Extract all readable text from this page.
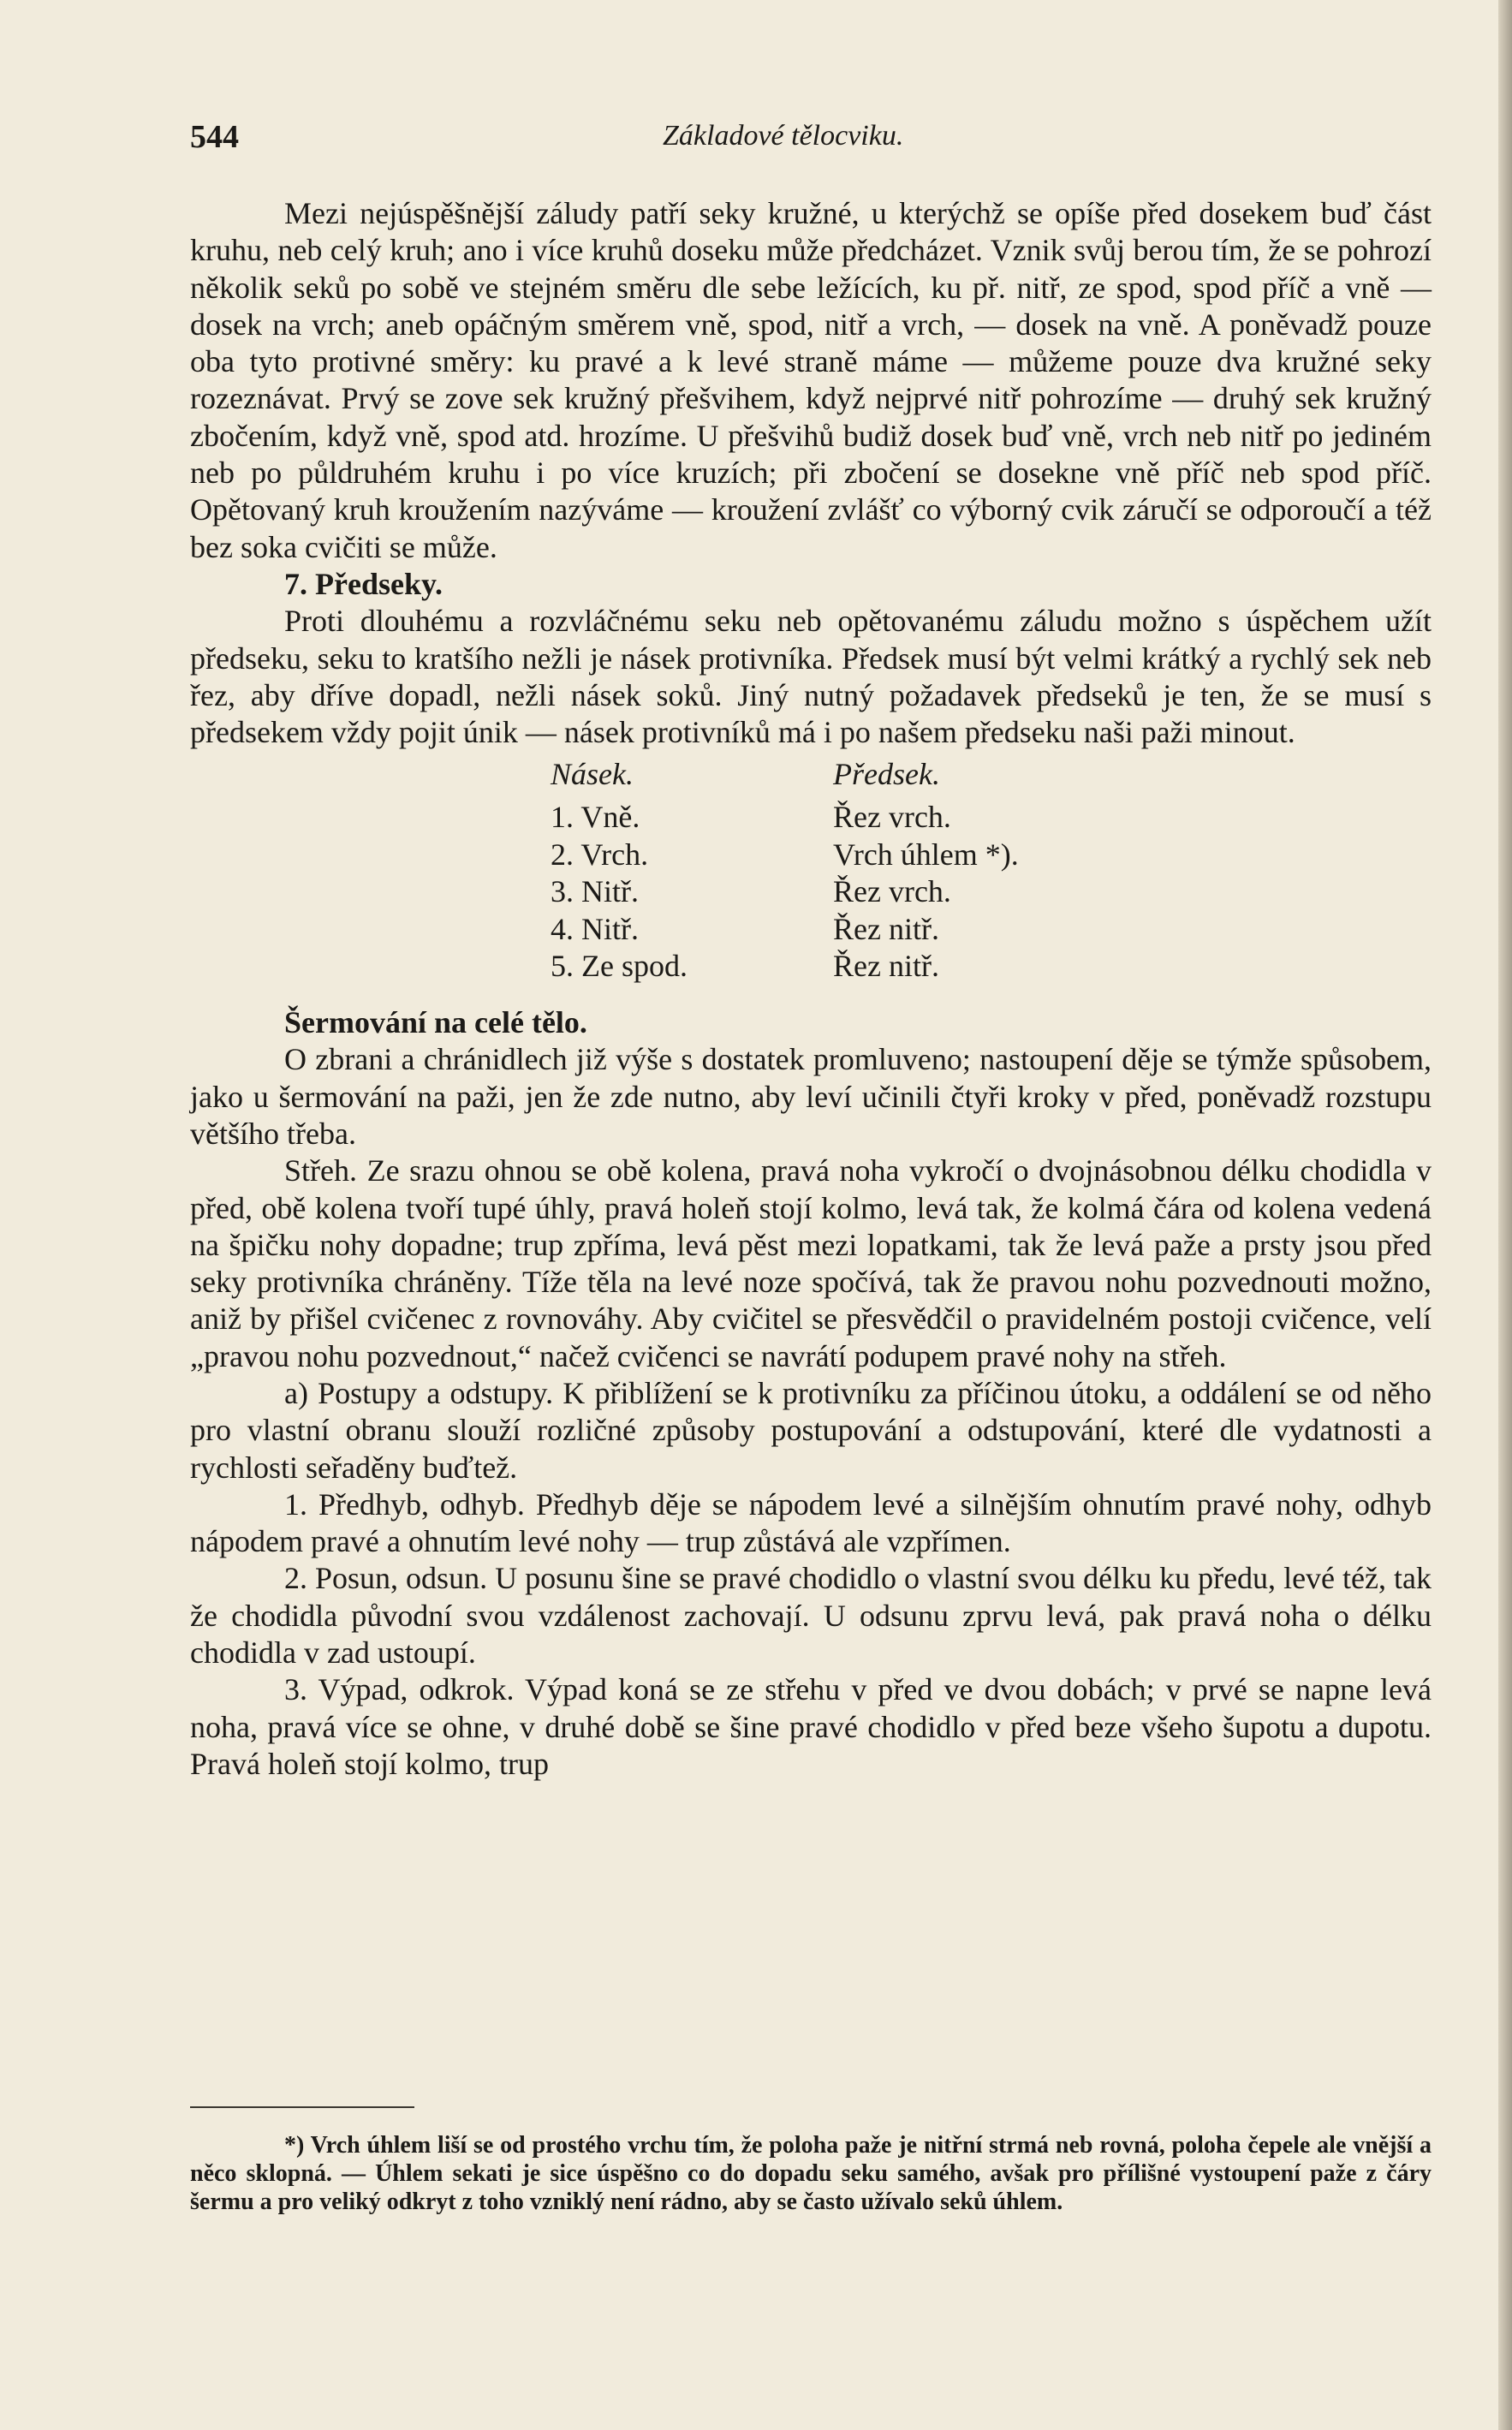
544	Základové tělocviku.

Mezi nejúspěšnější záludy patří seky kružné, u kterýchž se opíše před dosekem buď část kruhu, neb celý kruh; ano i více kruhů doseku může předcházet. Vznik svůj berou tím, že se pohrozí několik seků po sobě ve stejném směru dle sebe ležících, ku př. nitř, ze spod, spod příč a vně — dosek na vrch; aneb opáčným směrem vně, spod, nitř a vrch, — dosek na vně. A poněvadž pouze oba tyto protivné směry: ku pravé a k levé straně máme — můžeme pouze dva kružné seky rozeznávat. Prvý se zove sek kružný přešvihem, když nejprvé nitř pohrozíme — druhý sek kružný zbočením, když vně, spod atd. hrozíme. U přešvihů budiž dosek buď vně, vrch neb nitř po jediném neb po půldruhém kruhu i po více kruzích; při zbočení se dosekne vně příč neb spod příč. Opětovaný kruh kroužením nazýváme — kroužení zvlášť co výborný cvik záručí se odporoučí a též bez soka cvičiti se může.

7. Předseky.

Proti dlouhému a rozvláčnému seku neb opětovanému záludu možno s úspěchem užít předseku, seku to kratšího nežli je násek protivníka. Předsek musí být velmi krátký a rychlý sek neb řez, aby dříve dopadl, nežli násek soků. Jiný nutný požadavek předseků je ten, že se musí s předsekem vždy pojit únik — násek protivníků má i po našem předseku naši paži minout.

Násek.	Předsek.
1. Vně.	Řez vrch.
2. Vrch.	Vrch úhlem *).
3. Nitř.	Řez vrch.
4. Nitř.	Řez nitř.
5. Ze spod.	Řez nitř.

Šermování na celé tělo.

O zbrani a chránidlech již výše s dostatek promluveno; nastoupení děje se týmže spůsobem, jako u šermování na paži, jen že zde nutno, aby leví učinili čtyři kroky v před, poněvadž rozstupu většího třeba.

Střeh. Ze srazu ohnou se obě kolena, pravá noha vykročí o dvojnásobnou délku chodidla v před, obě kolena tvoří tupé úhly, pravá holeň stojí kolmo, levá tak, že kolmá čára od kolena vedená na špičku nohy dopadne; trup zpříma, levá pěst mezi lopatkami, tak že levá paže a prsty jsou před seky protivníka chráněny. Tíže těla na levé noze spočívá, tak že pravou nohu pozvednouti možno, aniž by přišel cvičenec z rovnováhy. Aby cvičitel se přesvědčil o pravidelném postoji cvičence, velí „pravou nohu pozvednout,“ načež cvičenci se navrátí podupem pravé nohy na střeh.

a) Postupy a odstupy. K přiblížení se k protivníku za příčinou útoku, a oddálení se od něho pro vlastní obranu slouží rozličné způsoby postupování a odstupování, které dle vydatnosti a rychlosti seřaděny buďtež.

1. Předhyb, odhyb. Předhyb děje se nápodem levé a silnějším ohnutím pravé nohy, odhyb nápodem pravé a ohnutím levé nohy — trup zůstává ale vzpřímen.

2. Posun, odsun. U posunu šine se pravé chodidlo o vlastní svou délku ku předu, levé též, tak že chodidla původní svou vzdálenost zachovají. U odsunu zprvu levá, pak pravá noha o délku chodidla v zad ustoupí.

3. Výpad, odkrok. Výpad koná se ze střehu v před ve dvou dobách; v prvé se napne levá noha, pravá více se ohne, v druhé době se šine pravé chodidlo v před beze všeho šupotu a dupotu. Pravá holeň stojí kolmo, trup

*) Vrch úhlem liší se od prostého vrchu tím, že poloha paže je nitřní strmá neb rovná, poloha čepele ale vnější a něco sklopná. — Úhlem sekati je sice úspěšno co do dopadu seku samého, avšak pro přílišné vystoupení paže z čáry šermu a pro veliký odkryt z toho vzniklý není rádno, aby se často užívalo seků úhlem.
